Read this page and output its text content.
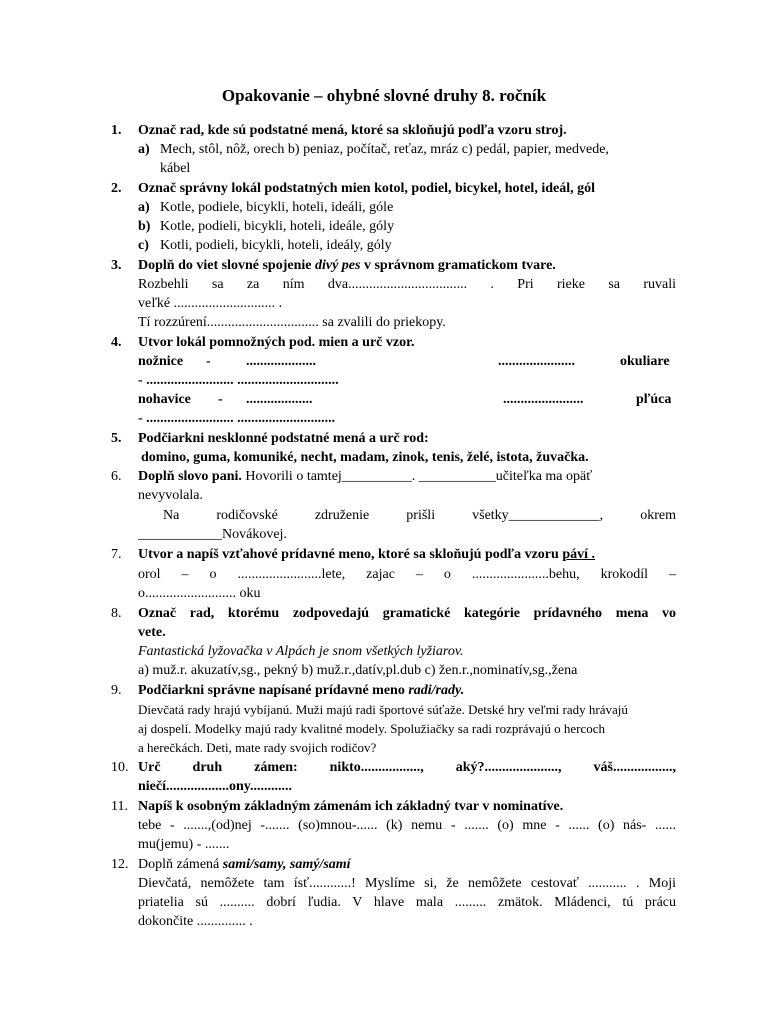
Opakovanie – ohybné slovné druhy 8. ročník
1.	Označ rad, kde sú podstatné mená, ktoré sa skloňujú podľa vzoru stroj.
a) Mech, stôl, nôž, orech b) peniaz, počítač, reťaz, mráz c) pedál, papier, medvede,
kábel
2.	Označ správny lokál podstatných mien kotol, podiel, bicykel, hotel, ideál, gól
a) Kotle, podiele, bicykli, hoteli, ideáli, góle
b) Kotle, podieli, bicykli, hoteli, ideále, góly
c) Kotli, podieli, bicykli, hoteli, ideály, góly
3.	Doplň do viet slovné spojenie divý pes v správnom gramatickom tvare.
Rozbehli sa za ním dva.................................. . Pri rieke sa ruvali
veľké ............................. .
Tí rozzúrení................................ sa zvalili do priekopy.
4.	Utvor lokál pomnožných pod. mien a urč vzor.
nožnice -	....................	......................	okuliare
- ......................... .............................
nohavice - ...................	.......................	pľúca
- ......................... ............................
5.	Podčiarkni nesklonné podstatné mená a urč rod:
domino, guma, komuniké, necht, madam, zinok, tenis, želé, istota, žuvačka.
6.	Doplň slovo pani. Hovorili o tamtej__________. ___________učiteľka ma opäť
nevyvolala.
Na rodičovské združenie prišli všetky_____________, okrem
____________Novákovej.
7.	Utvor a napíš vzťahové prídavné meno, ktoré sa skloňujú podľa vzoru páví .
orol – o ........................lete, zajac – o ......................behu, krokodíl –
o.......................... oku
8.	Označ rad, ktorému zodpovedajú gramatické kategórie prídavného mena vo
vete.
Fantastická lyžovačka v Alpách je snom všetkých lyžiarov.
a) muž.r. akuzatív,sg., pekný b) muž.r.,datív,pl.dub c) žen.r.,nominatív,sg.,žena
9.	Podčiarkni správne napísané prídavné meno radi/rady.
Dievčatá rady hrajú vybíjanú. Muži majú radi športové súťaže. Detské hry veľmi rady hrávajú
aj dospelí. Modelky majú rady kvalitné modely. Spolužiačky sa radi rozprávajú o hercoch
a herečkách. Deti, mate rady svojich rodičov?
10. Urč druh zámen: nikto................., aký?....................., váš.................,
niečí..................ony............
11. Napíš k osobným základným zámenám ich základný tvar v nominatíve.
tebe - .......,(od)nej -....... (so)mnou-...... (k) nemu - ....... (o) mne - ...... (o) nás- ......
mu(jemu) - .......
12. Doplň zámená sami/samy, samý/samí
Dievčatá, nemôžete tam ísť............! Myslíme si, že nemôžete cestovať ........... . Moji
priatelia sú .......... dobrí ľudia. V hlave mala ......... zmätok. Mládenci, tú prácu
dokončite .............. .
